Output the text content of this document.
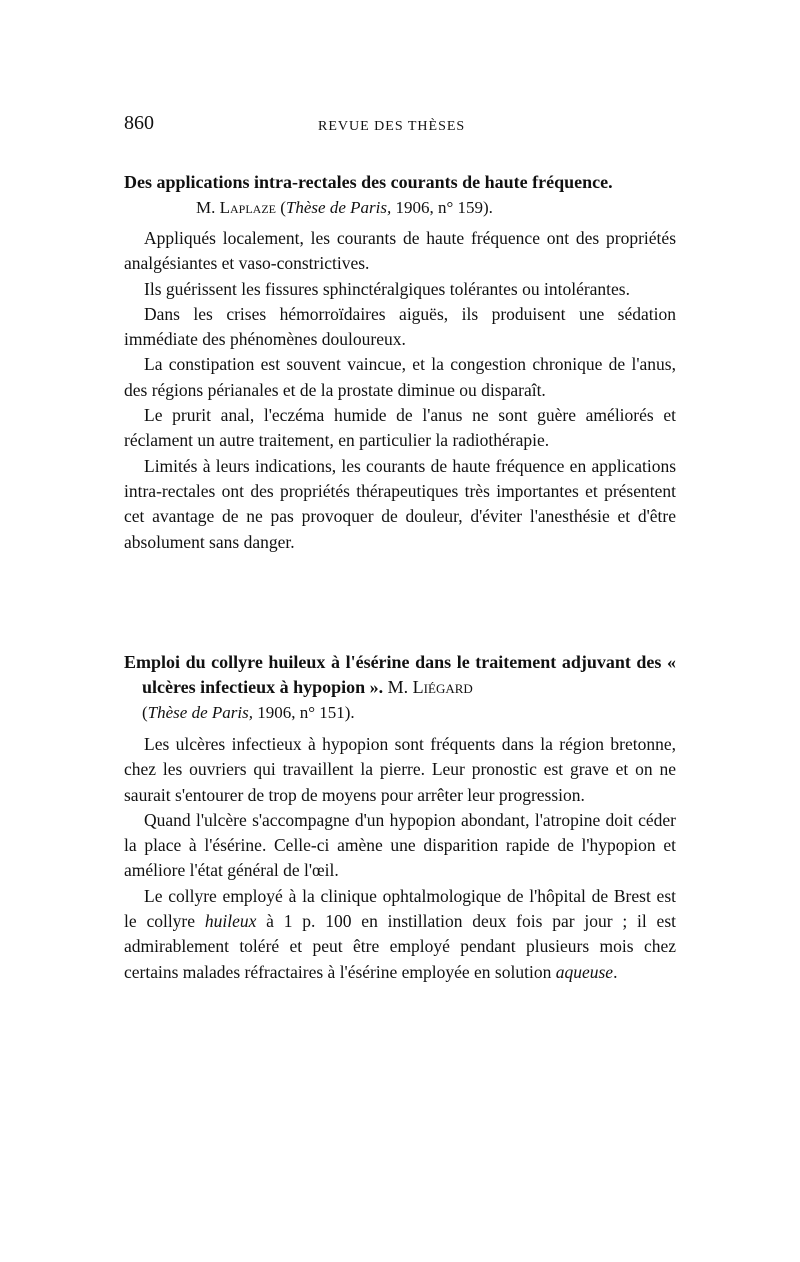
860	REVUE DES THÈSES
Des applications intra-rectales des courants de haute fréquence.

M. Laplaze (Thèse de Paris, 1906, n° 159).

Appliqués localement, les courants de haute fréquence ont des propriétés analgésiantes et vaso-constrictives.

Ils guérissent les fissures sphinctéralgiques tolérantes ou intolérantes.

Dans les crises hémorroïdaires aiguës, ils produisent une sédation immédiate des phénomènes douloureux.

La constipation est souvent vaincue, et la congestion chronique de l'anus, des régions périanales et de la prostate diminue ou disparaît.

Le prurit anal, l'eczéma humide de l'anus ne sont guère améliorés et réclament un autre traitement, en particulier la radiothérapie.

Limités à leurs indications, les courants de haute fréquence en applications intra-rectales ont des propriétés thérapeutiques très importantes et présentent cet avantage de ne pas provoquer de douleur, d'éviter l'anesthésie et d'être absolument sans danger.

Emploi du collyre huileux à l'ésérine dans le traitement adjuvant des « ulcères infectieux à hypopion ». M. Liégard

(Thèse de Paris, 1906, n° 151).

Les ulcères infectieux à hypopion sont fréquents dans la région bretonne, chez les ouvriers qui travaillent la pierre. Leur pronostic est grave et on ne saurait s'entourer de trop de moyens pour arrêter leur progression.

Quand l'ulcère s'accompagne d'un hypopion abondant, l'atropine doit céder la place à l'ésérine. Celle-ci amène une disparition rapide de l'hypopion et améliore l'état général de l'œil.

Le collyre employé à la clinique ophtalmologique de l'hôpital de Brest est le collyre huileux à 1 p. 100 en instillation deux fois par jour ; il est admirablement toléré et peut être employé pendant plusieurs mois chez certains malades réfractaires à l'ésérine employée en solution aqueuse.
